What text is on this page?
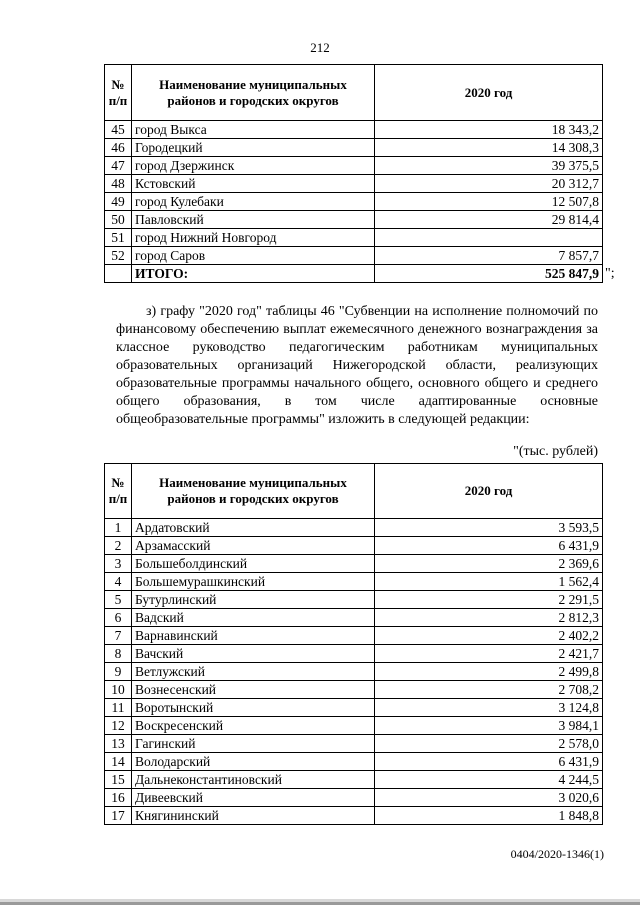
212
№ п/п	Наименование муниципальных районов и городских округов	2020 год
45	город Выкса	18 343,2
46	Городецкий	14 308,3
47	город Дзержинск	39 375,5
48	Кстовский	20 312,7
49	город Кулебаки	12 507,8
50	Павловский	29 814,4
51	город Нижний Новгород	
52	город Саров	7 857,7
	ИТОГО:	525 847,9 ";
з) графу "2020 год" таблицы 46 "Субвенции на исполнение полномочий по финансовому обеспечению выплат ежемесячного денежного вознаграждения за классное руководство педагогическим работникам муниципальных образовательных организаций Нижегородской области, реализующих образовательные программы начального общего, основного общего и среднего общего образования, в том числе адаптированные основные общеобразовательные программы" изложить в следующей редакции:
"(тыс. рублей)
№ п/п	Наименование муниципальных районов и городских округов	2020 год
1	Ардатовский	3 593,5
2	Арзамасский	6 431,9
3	Большеболдинский	2 369,6
4	Большемурашкинский	1 562,4
5	Бутурлинский	2 291,5
6	Вадский	2 812,3
7	Варнавинский	2 402,2
8	Вачский	2 421,7
9	Ветлужский	2 499,8
10	Вознесенский	2 708,2
11	Воротынский	3 124,8
12	Воскресенский	3 984,1
13	Гагинский	2 578,0
14	Володарский	6 431,9
15	Дальнеконстантиновский	4 244,5
16	Дивеевский	3 020,6
17	Княгининский	1 848,8
0404/2020-1346(1)
